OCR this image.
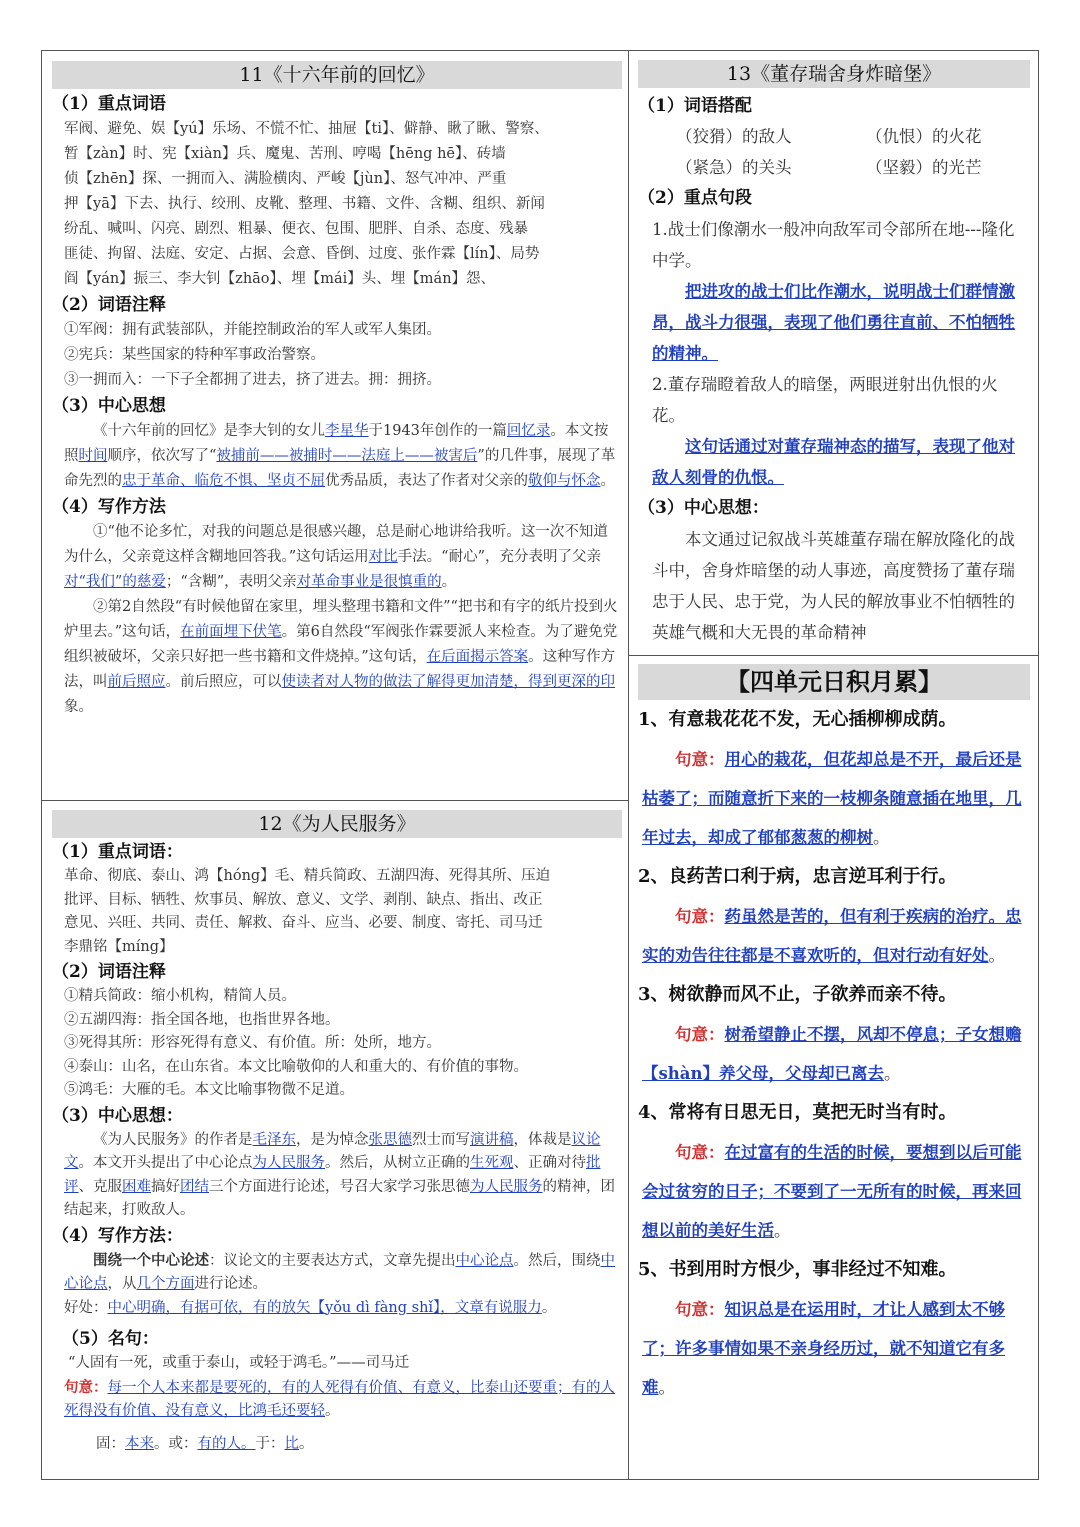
11《十六年前的回忆》
（1）重点词语
军阀、避免、娱【yú】乐场、不慌不忙、抽屉【ti】、僻静、瞅了瞅、警察、
暂【zàn】时、宪【xiàn】兵、魔鬼、苦刑、哼喝【hēng hē】、砖墙
侦【zhēn】探、一拥而入、满脸横肉、严峻【jùn】、怒气冲冲、严重
押【yā】下去、执行、绞刑、皮靴、整理、书籍、文件、含糊、组织、新闻
纷乱、喊叫、闪亮、剧烈、粗暴、便衣、包围、肥胖、自杀、态度、残暴
匪徒、拘留、法庭、安定、占据、会意、昏倒、过度、张作霖【lín】、局势
阎【yán】振三、李大钊【zhāo】、埋【mái】头、埋【mán】怨、
（2）词语注释
①军阀：拥有武装部队，并能控制政治的军人或军人集团。
②宪兵：某些国家的特种军事政治警察。
③一拥而入：一下子全都拥了进去，挤了进去。拥：拥挤。
（3）中心思想
《十六年前的回忆》是李大钊的女儿李星华于1943年创作的一篇回忆录。本文按照时间顺序，依次写了“被捕前——被捕时——法庭上——被害后”的几件事，展现了革命先烈的忠于革命、临危不惧、坚贞不屈优秀品质，表达了作者对父亲的敬仰与怀念。
（4）写作方法
①“他不论多忙，对我的问题总是很感兴趣，总是耐心地讲给我听。这一次不知道为什么，父亲竟这样含糊地回答我。”这句话运用对比手法。“耐心”，充分表明了父亲对“我们”的慈爱；“含糊”，表明父亲对革命事业是很慎重的。
②第2自然段“有时候他留在家里，埋头整理书籍和文件”“把书和有字的纸片投到火炉里去。”这句话，在前面埋下伏笔。第6自然段“军阀张作霖要派人来检查。为了避免党组织被破坏，父亲只好把一些书籍和文件烧掉。”这句话，在后面揭示答案。这种写作方法，叫前后照应。前后照应，可以使读者对人物的做法了解得更加清楚，得到更深的印象。
12《为人民服务》
（1）重点词语：
革命、彻底、泰山、鸿【hóng】毛、精兵简政、五湖四海、死得其所、压迫
批评、目标、牺牲、炊事员、解放、意义、文学、剥削、缺点、指出、改正
意见、兴旺、共同、责任、解救、奋斗、应当、必要、制度、寄托、司马迁
李鼎铭【míng】
（2）词语注释
①精兵简政：缩小机构，精简人员。
②五湖四海：指全国各地，也指世界各地。
③死得其所：形容死得有意义、有价值。所：处所，地方。
④泰山：山名，在山东省。本文比喻敬仰的人和重大的、有价值的事物。
⑤鸿毛：大雁的毛。本文比喻事物微不足道。
（3）中心思想：
《为人民服务》的作者是毛泽东，是为悼念张思德烈士而写演讲稿，体裁是议论文。本文开头提出了中心论点为人民服务。然后，从树立正确的生死观、正确对待批评、克服困难搞好团结三个方面进行论述，号召大家学习张思德为人民服务的精神，团结起来，打败敌人。
（4）写作方法：
围绕一个中心论述：议论文的主要表达方式，文章先提出中心论点。然后，围绕中心论点，从几个方面进行论述。
好处：中心明确，有据可依，有的放矢【yǒu dì fàng shǐ】，文章有说服力。
（5）名句：
“人固有一死，或重于泰山，或轻于鸿毛。”——司马迁
句意：每一个人本来都是要死的，有的人死得有价值、有意义，比泰山还要重；有的人死得没有价值、没有意义，比鸿毛还要轻。
固：本来。或：有的人。于：比。
13《董存瑞舍身炸暗堡》
（1）词语搭配
（狡猾）的敌人	（仇恨）的火花
（紧急）的关头	（坚毅）的光芒
（2）重点句段
1.战士们像潮水一般冲向敌军司令部所在地---隆化中学。
把进攻的战士们比作潮水，说明战士们群情激昂，战斗力很强，表现了他们勇往直前、不怕牺牲的精神。
2.董存瑞瞪着敌人的暗堡，两眼迸射出仇恨的火花。
这句话通过对董存瑞神态的描写，表现了他对敌人刻骨的仇恨。
（3）中心思想：
本文通过记叙战斗英雄董存瑞在解放隆化的战斗中，舍身炸暗堡的动人事迹，高度赞扬了董存瑞忠于人民、忠于党，为人民的解放事业不怕牺牲的英雄气概和大无畏的革命精神
【四单元日积月累】
1、有意栽花花不发，无心插柳柳成荫。
句意：用心的栽花，但花却总是不开，最后还是枯萎了；而随意折下来的一枝柳条随意插在地里，几年过去，却成了郁郁葱葱的柳树。
2、良药苦口利于病，忠言逆耳利于行。
句意：药虽然是苦的，但有利于疾病的治疗。忠实的劝告往往都是不喜欢听的，但对行动有好处。
3、树欲静而风不止，子欲养而亲不待。
句意：树希望静止不摆，风却不停息；子女想赡【shàn】养父母，父母却已离去。
4、常将有日思无日，莫把无时当有时。
句意：在过富有的生活的时候，要想到以后可能会过贫穷的日子；不要到了一无所有的时候，再来回想以前的美好生活。
5、书到用时方恨少，事非经过不知难。
句意：知识总是在运用时，才让人感到太不够了；许多事情如果不亲身经历过，就不知道它有多难。
